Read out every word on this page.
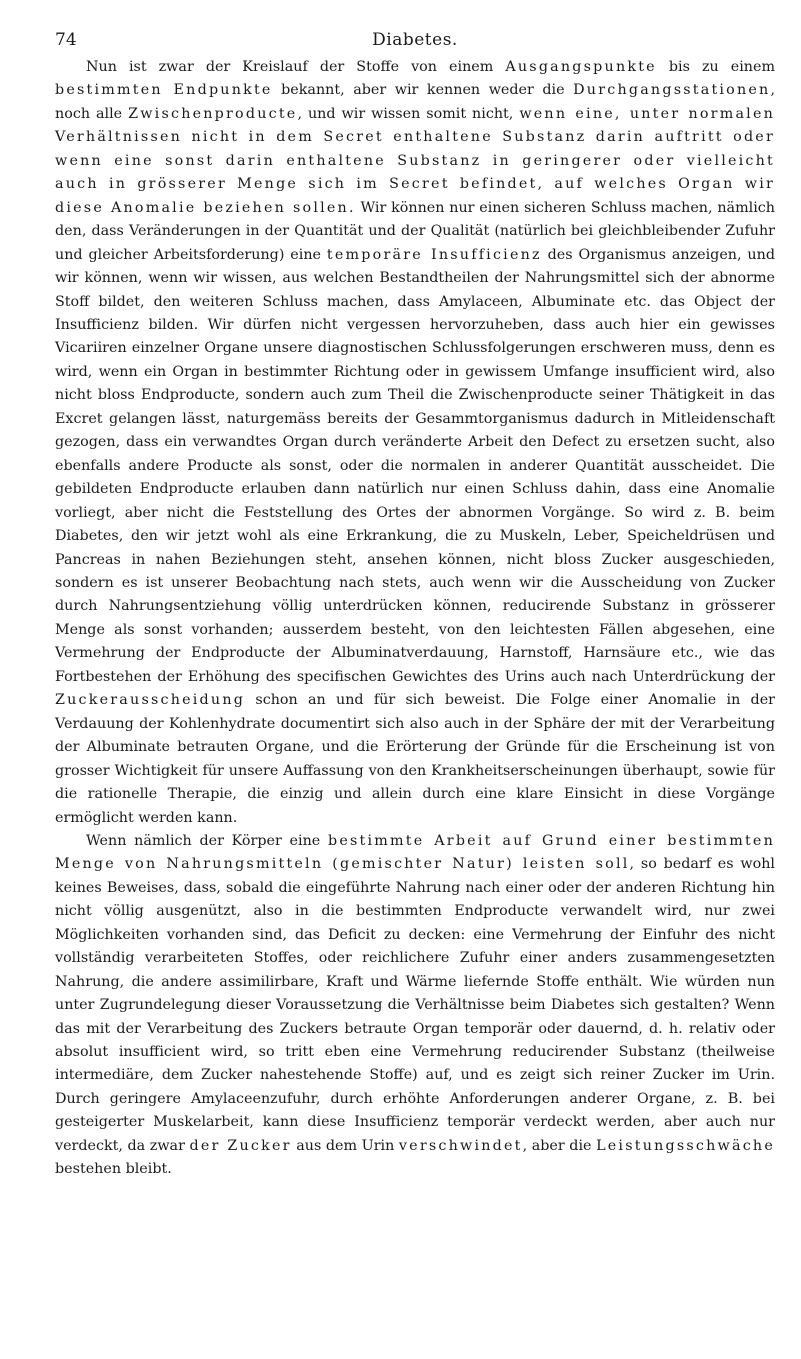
74	Diabetes.

Nun ist zwar der Kreislauf der Stoffe von einem Ausgangspunkte bis zu einem bestimmten Endpunkte bekannt, aber wir kennen weder die Durchgangsstationen, noch alle Zwischenproducte, und wir wissen somit nicht, wenn eine, unter normalen Verhältnissen nicht in dem Secret enthaltene Substanz darin auftritt oder wenn eine sonst darin enthaltene Substanz in geringerer oder vielleicht auch in grösserer Menge sich im Secret befindet, auf welches Organ wir diese Anomalie beziehen sollen. Wir können nur einen sicheren Schluss machen, nämlich den, dass Veränderungen in der Quantität und der Qualität (natürlich bei gleichbleibender Zufuhr und gleicher Arbeitsforderung) eine temporäre Insufficienz des Organismus anzeigen, und wir können, wenn wir wissen, aus welchen Bestandtheilen der Nahrungsmittel sich der abnorme Stoff bildet, den weiteren Schluss machen, dass Amylaceen, Albuminate etc. das Object der Insufficienz bilden. Wir dürfen nicht vergessen hervorzuheben, dass auch hier ein gewisses Vicariiren einzelner Organe unsere diagnostischen Schlussfolgerungen erschweren muss, denn es wird, wenn ein Organ in bestimmter Richtung oder in gewissem Umfange insufficient wird, also nicht bloss Endproducte, sondern auch zum Theil die Zwischenproducte seiner Thätigkeit in das Excret gelangen lässt, naturgemäss bereits der Gesammtorganismus dadurch in Mitleidenschaft gezogen, dass ein verwandtes Organ durch veränderte Arbeit den Defect zu ersetzen sucht, also ebenfalls andere Producte als sonst, oder die normalen in anderer Quantität ausscheidet. Die gebildeten Endproducte erlauben dann natürlich nur einen Schluss dahin, dass eine Anomalie vorliegt, aber nicht die Feststellung des Ortes der abnormen Vorgänge. So wird z. B. beim Diabetes, den wir jetzt wohl als eine Erkrankung, die zu Muskeln, Leber, Speicheldrüsen und Pancreas in nahen Beziehungen steht, ansehen können, nicht bloss Zucker ausgeschieden, sondern es ist unserer Beobachtung nach stets, auch wenn wir die Ausscheidung von Zucker durch Nahrungsentziehung völlig unterdrücken können, reducirende Substanz in grösserer Menge als sonst vorhanden; ausserdem besteht, von den leichtesten Fällen abgesehen, eine Vermehrung der Endproducte der Albuminatverdauung, Harnstoff, Harnsäure etc., wie das Fortbestehen der Erhöhung des specifischen Gewichtes des Urins auch nach Unterdrückung der Zuckerausscheidung schon an und für sich beweist. Die Folge einer Anomalie in der Verdauung der Kohlenhydrate documentirt sich also auch in der Sphäre der mit der Verarbeitung der Albuminate betrauten Organe, und die Erörterung der Gründe für die Erscheinung ist von grosser Wichtigkeit für unsere Auffassung von den Krankheitserscheinungen überhaupt, sowie für die rationelle Therapie, die einzig und allein durch eine klare Einsicht in diese Vorgänge ermöglicht werden kann.

Wenn nämlich der Körper eine bestimmte Arbeit auf Grund einer bestimmten Menge von Nahrungsmitteln (gemischter Natur) leisten soll, so bedarf es wohl keines Beweises, dass, sobald die eingeführte Nahrung nach einer oder der anderen Richtung hin nicht völlig ausgenützt, also in die bestimmten Endproducte verwandelt wird, nur zwei Möglichkeiten vorhanden sind, das Deficit zu decken: eine Vermehrung der Einfuhr des nicht vollständig verarbeiteten Stoffes, oder reichlichere Zufuhr einer anders zusammengesetzten Nahrung, die andere assimilirbare, Kraft und Wärme liefernde Stoffe enthält. Wie würden nun unter Zugrundelegung dieser Voraussetzung die Verhältnisse beim Diabetes sich gestalten? Wenn das mit der Verarbeitung des Zuckers betraute Organ temporär oder dauernd, d. h. relativ oder absolut insufficient wird, so tritt eben eine Vermehrung reducirender Substanz (theilweise intermediäre, dem Zucker nahestehende Stoffe) auf, und es zeigt sich reiner Zucker im Urin. Durch geringere Amylaceenzufuhr, durch erhöhte Anforderungen anderer Organe, z. B. bei gesteigerter Muskelarbeit, kann diese Insufficienz temporär verdeckt werden, aber auch nur verdeckt, da zwar der Zucker aus dem Urin verschwindet, aber die Leistungsschwäche bestehen bleibt.
